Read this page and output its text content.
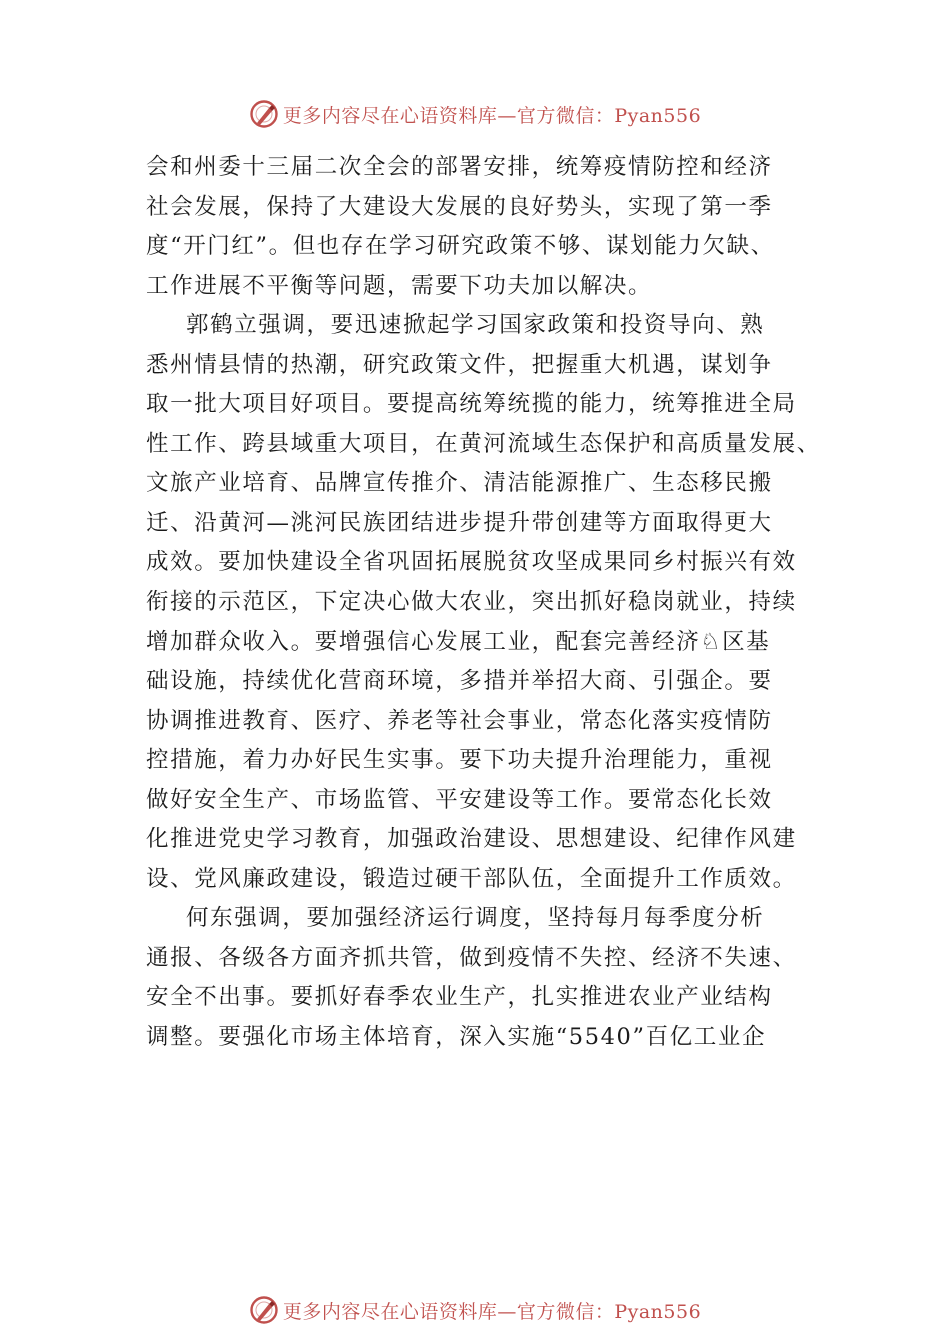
更多内容尽在心语资料库—官方微信：Pyan556
会和州委十三届二次全会的部署安排，统筹疫情防控和经济
社会发展，保持了大建设大发展的良好势头，实现了第一季
度“开门红”。但也存在学习研究政策不够、谋划能力欠缺、
工作进展不平衡等问题，需要下功夫加以解决。
郭鹤立强调，要迅速掀起学习国家政策和投资导向、熟
悉州情县情的热潮，研究政策文件，把握重大机遇，谋划争
取一批大项目好项目。要提高统筹统揽的能力，统筹推进全局
性工作、跨县域重大项目，在黄河流域生态保护和高质量发展、
文旅产业培育、品牌宣传推介、清洁能源推广、生态移民搬
迁、沿黄河—洮河民族团结进步提升带创建等方面取得更大
成效。要加快建设全省巩固拓展脱贫攻坚成果同乡村振兴有效
衔接的示范区，下定决心做大农业，突出抓好稳岗就业，持续
增加群众收入。要增强信心发展工业，配套完善经济♘区基
础设施，持续优化营商环境，多措并举招大商、引强企。要
协调推进教育、医疗、养老等社会事业，常态化落实疫情防
控措施，着力办好民生实事。要下功夫提升治理能力，重视
做好安全生产、市场监管、平安建设等工作。要常态化长效
化推进党史学习教育，加强政治建设、思想建设、纪律作风建
设、党风廉政建设，锻造过硬干部队伍，全面提升工作质效。
何东强调，要加强经济运行调度，坚持每月每季度分析
通报、各级各方面齐抓共管，做到疫情不失控、经济不失速、
安全不出事。要抓好春季农业生产，扎实推进农业产业结构
调整。要强化市场主体培育，深入实施“5540”百亿工业企
更多内容尽在心语资料库—官方微信：Pyan556
